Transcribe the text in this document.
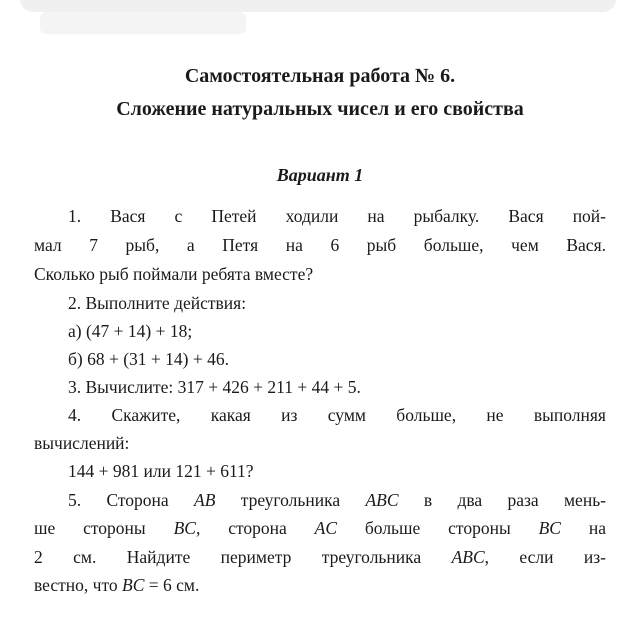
Самостоятельная работа № 6.
Сложение натуральных чисел и его свойства
Вариант 1
1. Вася с Петей ходили на рыбалку. Вася пой-
мал 7 рыб, а Петя на 6 рыб больше, чем Вася.
Сколько рыб поймали ребята вместе?
2. Выполните действия:
а) (47 + 14) + 18;
б) 68 + (31 + 14) + 46.
3. Вычислите: 317 + 426 + 211 + 44 + 5.
4. Скажите, какая из сумм больше, не выполняя
вычислений:
144 + 981 или 121 + 611?
5. Сторона AB треугольника ABC в два раза мень-
ше стороны BC, сторона AC больше стороны BC на
2 см. Найдите периметр треугольника ABC, если из-
вестно, что BC = 6 см.
